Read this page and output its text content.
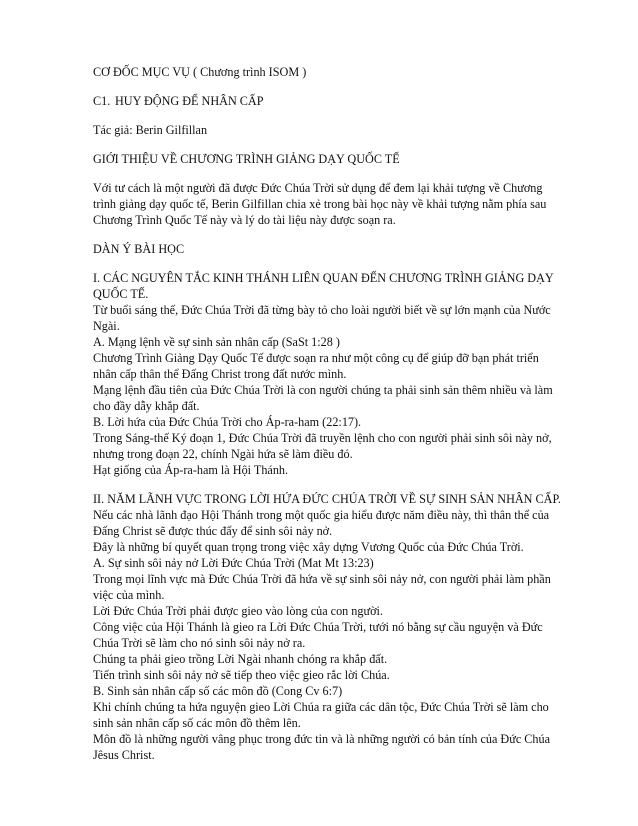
CƠ ĐỐC MỤC VỤ ( Chương trình ISOM )

C1. HUY ĐỘNG ĐỂ NHÂN CẤP

Tác giả: Berin Gilfillan

GIỚI THIỆU VỀ CHƯƠNG TRÌNH GIẢNG DẠY QUỐC TẾ

Với tư cách là một người đã được Đức Chúa Trời sử dụng để đem lại khải tượng về Chương trình giảng dạy quốc tế, Berin Gilfillan chia xẻ trong bài học này về khải tượng nằm phía sau Chương Trình Quốc Tế này và lý do tài liệu này được soạn ra.

DÀN Ý BÀI HỌC

I. CÁC NGUYÊN TẮC KINH THÁNH LIÊN QUAN ĐẾN CHƯƠNG TRÌNH GIẢNG DẠY QUỐC TẾ.

Từ buổi sáng thế, Đức Chúa Trời đã từng bày tỏ cho loài người biết về sự lớn mạnh của Nước Ngài.

A. Mạng lệnh về sự sinh sản nhân cấp (SaSt 1:28 )

Chương Trình Giảng Dạy Quốc Tế được soạn ra như một công cụ để giúp đỡ bạn phát triển nhân cấp thân thể Đấng Christ trong đất nước mình.

Mạng lệnh đầu tiên của Đức Chúa Trời là con người chúng ta phải sinh sản thêm nhiều và làm cho đầy dẫy khắp đất.

B. Lời hứa của Đức Chúa Trời cho Áp-ra-ham (22:17).

Trong Sáng-thế Ký đoạn 1, Đức Chúa Trời đã truyền lệnh cho con người phải sinh sôi này nở, nhưng trong đoạn 22, chính Ngài hứa sẽ làm điều đó.

Hạt giống của Áp-ra-ham là Hội Thánh.

II. NĂM LÃNH VỰC TRONG LỜI HỨA ĐỨC CHÚA TRỜI VỀ SỰ SINH SẢN NHÂN CẤP.

Nếu các nhà lãnh đạo Hội Thánh trong một quốc gia hiểu được năm điều này, thì thân thể của Đấng Christ sẽ được thúc đẩy để sinh sôi nảy nở.

Đây là những bí quyết quan trọng trong việc xây dựng Vương Quốc của Đức Chúa Trời.

A. Sự sinh sôi nảy nở Lời Đức Chúa Trời (Mat Mt 13:23)

Trong mọi lĩnh vực mà Đức Chúa Trời đã hứa về sự sinh sôi nảy nở, con người phải làm phần việc của mình.

Lời Đức Chúa Trời phải được gieo vào lòng của con người.

Công việc của Hội Thánh là gieo ra Lời Đức Chúa Trời, tưới nó bằng sự cầu nguyện và Đức Chúa Trời sẽ làm cho nó sinh sôi nảy nở ra.

Chúng ta phải gieo trồng Lời Ngài nhanh chóng ra khắp đất.

Tiến trình sinh sôi nảy nở sẽ tiếp theo việc gieo rắc lời Chúa.

B. Sinh sản nhân cấp số các môn đồ (Cong Cv 6:7)

Khi chính chúng ta hứa nguyện gieo Lời Chúa ra giữa các dân tộc, Đức Chúa Trời sẽ làm cho sinh sản nhân cấp số các môn đồ thêm lên.

Môn đồ là những người vâng phục trong đức tin và là những người có bản tính của Đức Chúa Jêsus Christ.
